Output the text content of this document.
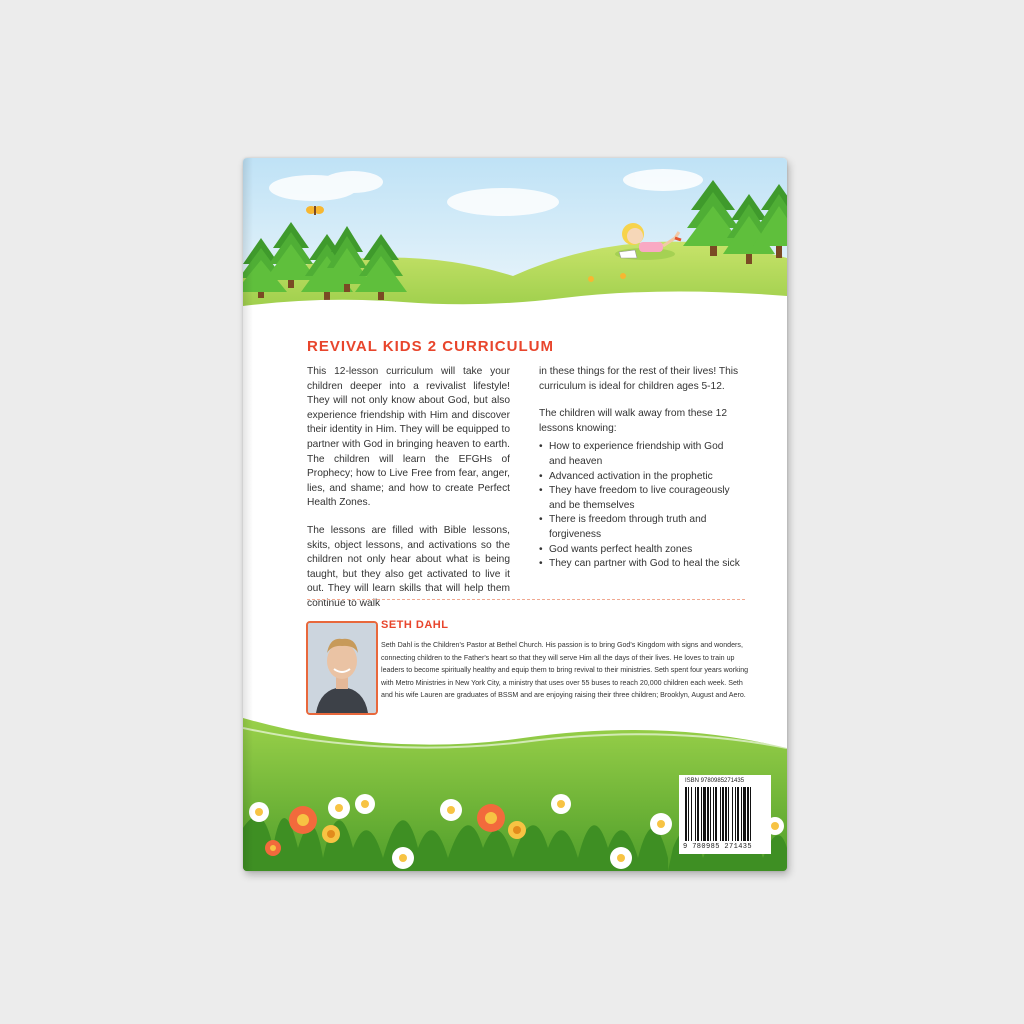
REVIVAL KIDS 2 CURRICULUM

This 12-lesson curriculum will take your children deeper into a revivalist lifestyle! They will not only know about God, but also experience friendship with Him and discover their identity in Him. They will be equipped to partner with God in bringing heaven to earth. The children will learn the EFGHs of Prophecy; how to Live Free from fear, anger, lies, and shame; and how to create Perfect Health Zones.

The lessons are filled with Bible lessons, skits, object lessons, and activations so the children not only hear about what is being taught, but they also get activated to live it out. They will learn skills that will help them continue to walk

in these things for the rest of their lives! This curriculum is ideal for children ages 5-12.

The children will walk away from these 12 lessons knowing:

• How to experience friendship with God and heaven
• Advanced activation in the prophetic
• They have freedom to live courageously and be themselves
• There is freedom through truth and forgiveness
• God wants perfect health zones
• They can partner with God to heal the sick
SETH DAHL

Seth Dahl is the Children's Pastor at Bethel Church. His passion is to bring God's Kingdom with signs and wonders, connecting children to the Father's heart so that they will serve Him all the days of their lives. He loves to train up leaders to become spiritually healthy and equip them to bring revival to their ministries. Seth spent four years working with Metro Ministries in New York City, a ministry that uses over 55 buses to reach 20,000 children each week. Seth and his wife Lauren are graduates of BSSM and are enjoying raising their three children; Brooklyn, August and Aero.

ISBN 9780985271435
9 780985 271435
